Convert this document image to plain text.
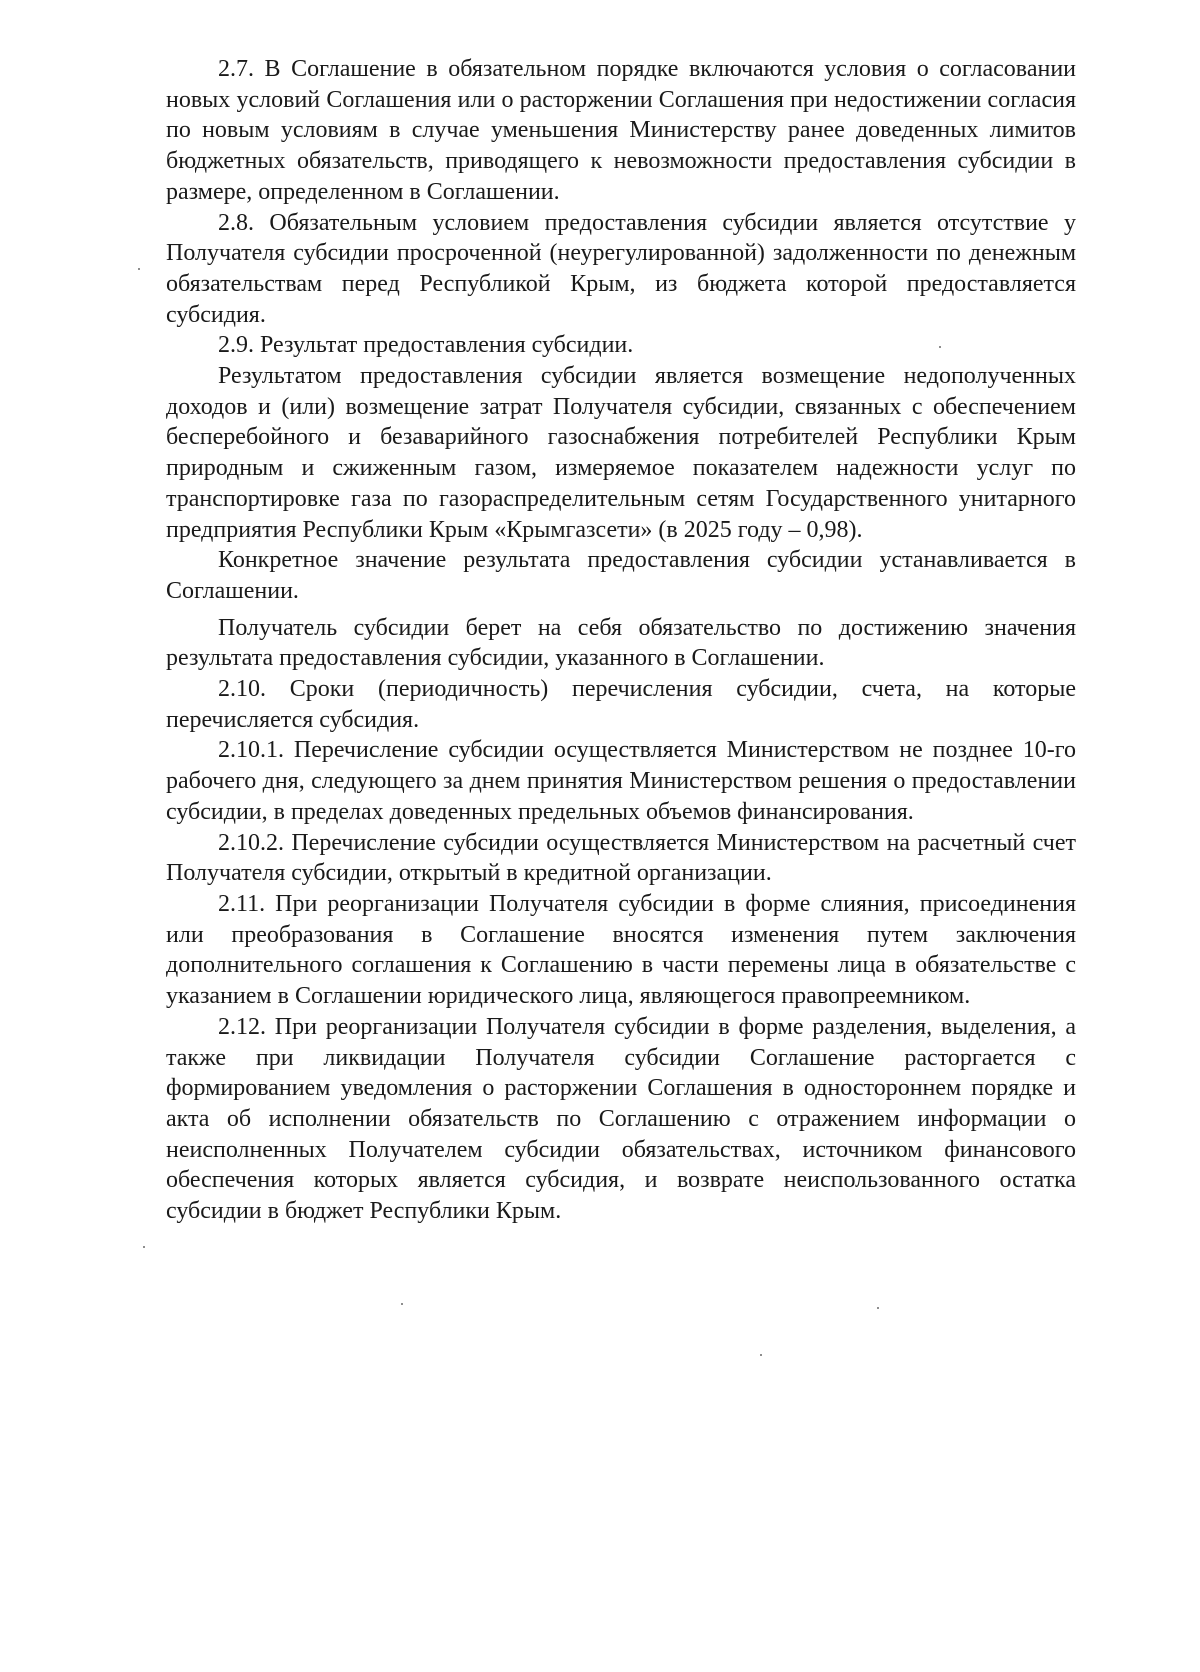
2.7. В Соглашение в обязательном порядке включаются условия о согласовании новых условий Соглашения или о расторжении Соглашения при недостижении согласия по новым условиям в случае уменьшения Министерству ранее доведенных лимитов бюджетных обязательств, приводящего к невозможности предоставления субсидии в размере, определенном в Соглашении.

2.8. Обязательным условием предоставления субсидии является отсутствие у Получателя субсидии просроченной (неурегулированной) задолженности по денежным обязательствам перед Республикой Крым, из бюджета которой предоставляется субсидия.

2.9. Результат предоставления субсидии.

Результатом предоставления субсидии является возмещение недополученных доходов и (или) возмещение затрат Получателя субсидии, связанных с обеспечением бесперебойного и безаварийного газоснабжения потребителей Республики Крым природным и сжиженным газом, измеряемое показателем надежности услуг по транспортировке газа по газораспределительным сетям Государственного унитарного предприятия Республики Крым «Крымгазсети» (в 2025 году – 0,98).

Конкретное значение результата предоставления субсидии устанавливается в Соглашении.

Получатель субсидии берет на себя обязательство по достижению значения результата предоставления субсидии, указанного в Соглашении.

2.10. Сроки (периодичность) перечисления субсидии, счета, на которые перечисляется субсидия.

2.10.1. Перечисление субсидии осуществляется Министерством не позднее 10-го рабочего дня, следующего за днем принятия Министерством решения о предоставлении субсидии, в пределах доведенных предельных объемов финансирования.

2.10.2. Перечисление субсидии осуществляется Министерством на расчетный счет Получателя субсидии, открытый в кредитной организации.

2.11. При реорганизации Получателя субсидии в форме слияния, присоединения или преобразования в Соглашение вносятся изменения путем заключения дополнительного соглашения к Соглашению в части перемены лица в обязательстве с указанием в Соглашении юридического лица, являющегося правопреемником.

2.12. При реорганизации Получателя субсидии в форме разделения, выделения, а также при ликвидации Получателя субсидии Соглашение расторгается с формированием уведомления о расторжении Соглашения в одностороннем порядке и акта об исполнении обязательств по Соглашению с отражением информации о неисполненных Получателем субсидии обязательствах, источником финансового обеспечения которых является субсидия, и возврате неиспользованного остатка субсидии в бюджет Республики Крым.
